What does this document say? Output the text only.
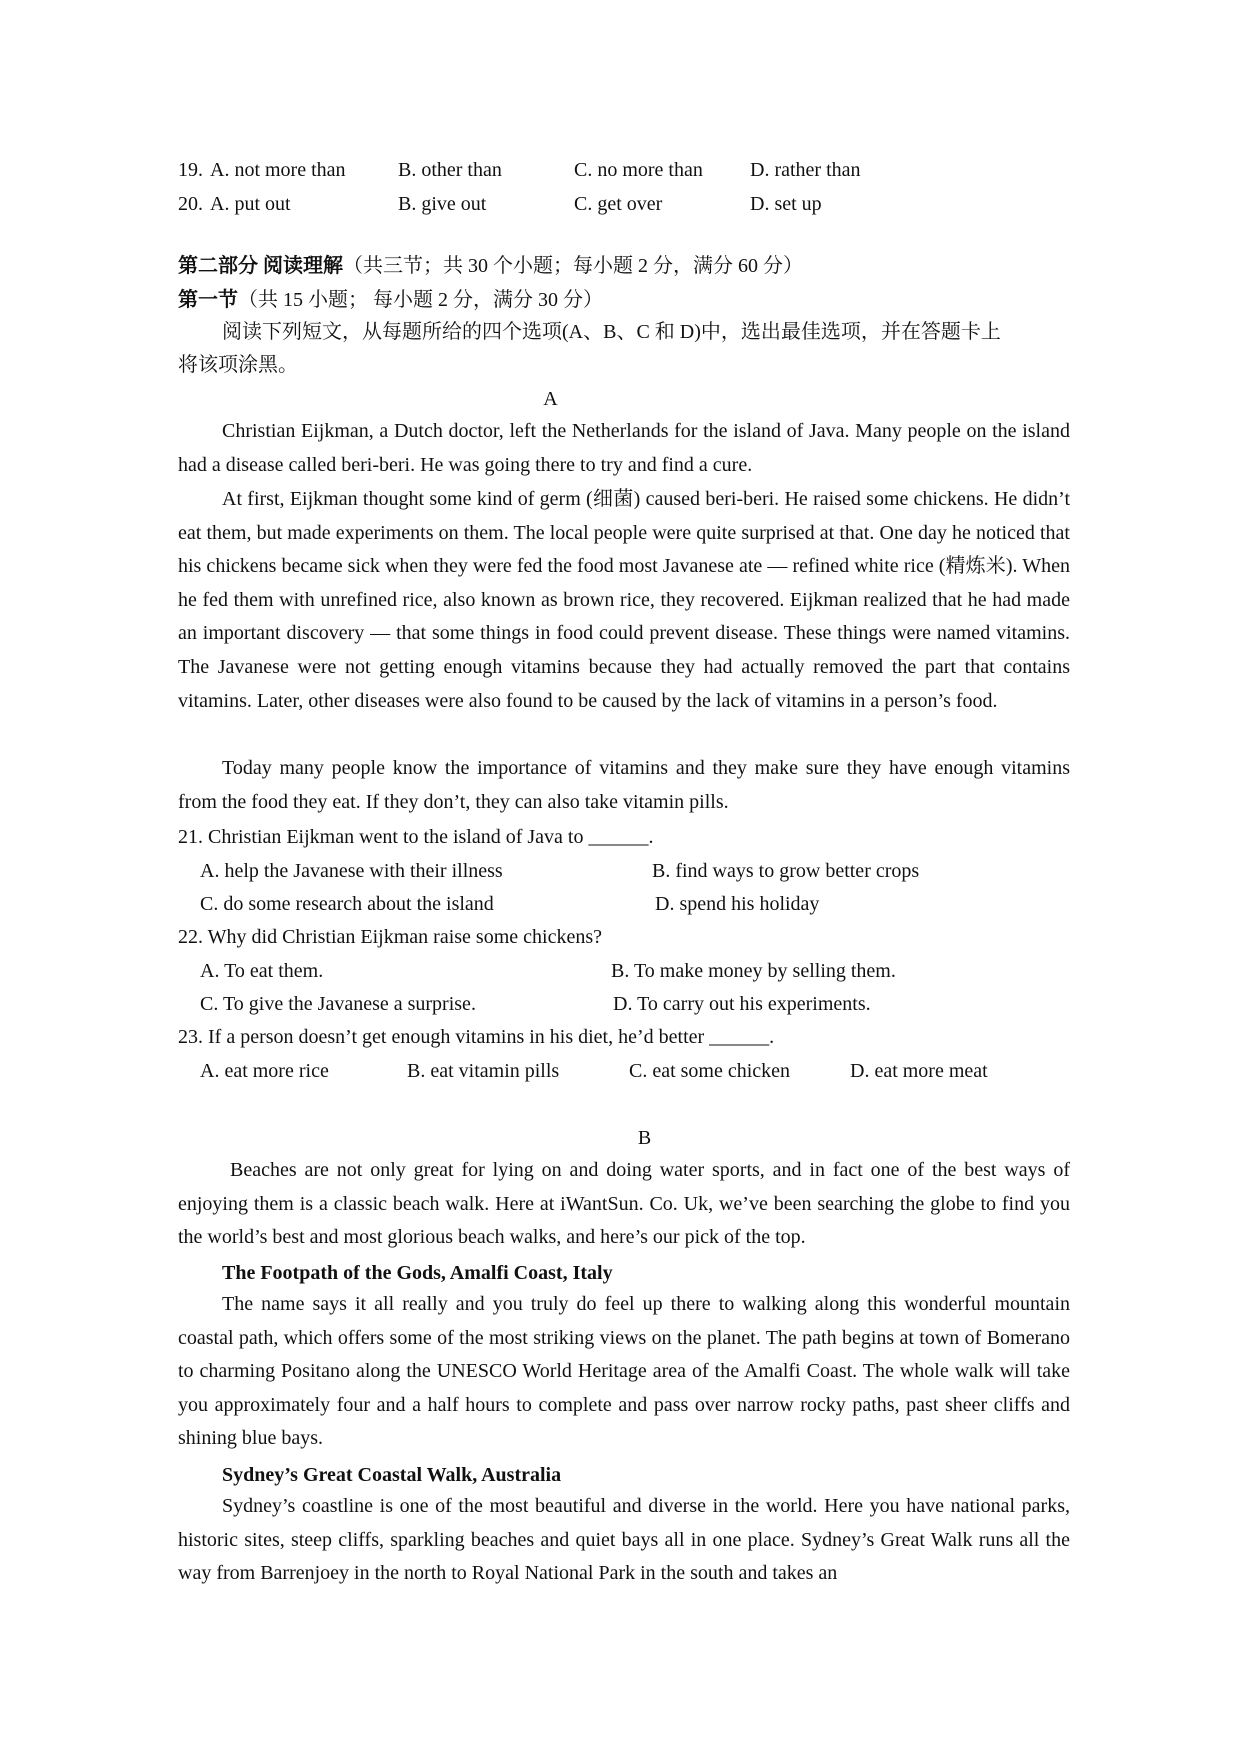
19. A. not more than	B. other than	C. no more than D. rather than
20. A. put out	B. give out	C. get over	D. set up
第二部分 阅读理解（共三节；共 30 个小题；每小题 2 分，满分 60 分）
第一节（共 15 小题； 每小题 2 分，满分 30 分）
阅读下列短文，从每题所给的四个选项(A、B、C 和 D)中，选出最佳选项，并在答题卡上
将该项涂黑。
A
Christian Eijkman, a Dutch doctor, left the Netherlands for the island of Java. Many people on the island had a disease called beri-beri. He was going there to try and find a cure.
At first, Eijkman thought some kind of germ (细菌) caused beri-beri. He raised some chickens. He didn’t eat them, but made experiments on them. The local people were quite surprised at that. One day he noticed that his chickens became sick when they were fed the food most Javanese ate — refined white rice (精炼米). When he fed them with unrefined rice, also known as brown rice, they recovered. Eijkman realized that he had made an important discovery — that some things in food could prevent disease. These things were named vitamins. The Javanese were not getting enough vitamins because they had actually removed the part that contains vitamins. Later, other diseases were also found to be caused by the lack of vitamins in a person’s food.
Today many people know the importance of vitamins and they make sure they have enough vitamins from the food they eat. If they don’t, they can also take vitamin pills.
21. Christian Eijkman went to the island of Java to ______.
A. help the Javanese with their illness	B. find ways to grow better crops
C. do some research about the island	D. spend his holiday
22. Why did Christian Eijkman raise some chickens?
A. To eat them.	B. To make money by selling them.
C. To give the Javanese a surprise.	D. To carry out his experiments.
23. If a person doesn’t get enough vitamins in his diet, he’d better ______.
A. eat more rice	B. eat vitamin pills	C. eat some chicken	D. eat more meat
B
Beaches are not only great for lying on and doing water sports, and in fact one of the best ways of enjoying them is a classic beach walk. Here at iWantSun. Co. Uk, we’ve been searching the globe to find you the world’s best and most glorious beach walks, and here’s our pick of the top.
The Footpath of the Gods, Amalfi Coast, Italy
The name says it all really and you truly do feel up there to walking along this wonderful mountain coastal path, which offers some of the most striking views on the planet. The path begins at town of Bomerano to charming Positano along the UNESCO World Heritage area of the Amalfi Coast. The whole walk will take you approximately four and a half hours to complete and pass over narrow rocky paths, past sheer cliffs and shining blue bays.
Sydney’s Great Coastal Walk, Australia
Sydney’s coastline is one of the most beautiful and diverse in the world. Here you have national parks, historic sites, steep cliffs, sparkling beaches and quiet bays all in one place. Sydney’s Great Walk runs all the way from Barrenjoey in the north to Royal National Park in the south and takes an
